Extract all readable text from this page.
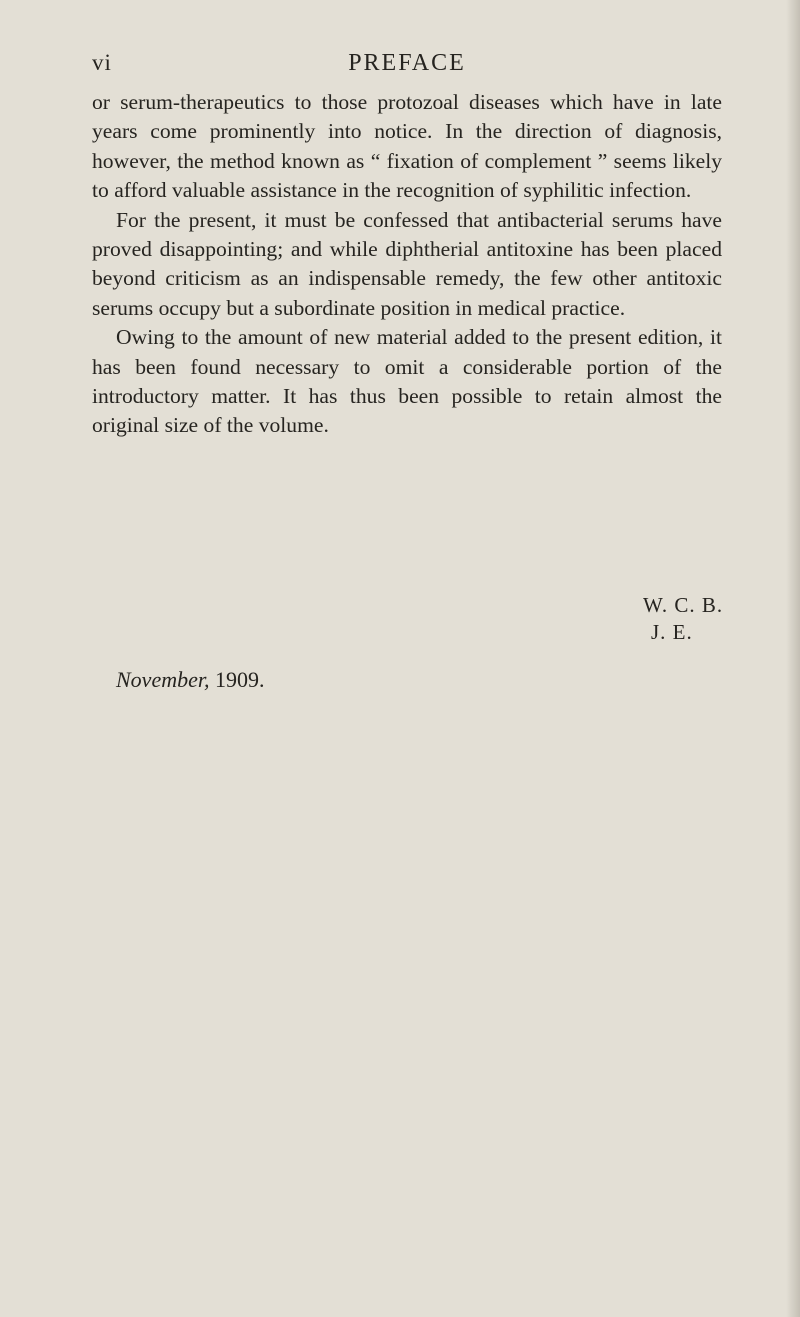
vi	PREFACE

or serum-therapeutics to those protozoal diseases which have in late years come prominently into notice. In the direction of diagnosis, however, the method known as “ fixation of complement ” seems likely to afford valuable assistance in the recognition of syphilitic infection.

For the present, it must be confessed that antibacterial serums have proved disappointing; and while diphtherial antitoxine has been placed beyond criticism as an indispensable remedy, the few other antitoxic serums occupy but a subordinate position in medical practice.

Owing to the amount of new material added to the present edition, it has been found necessary to omit a considerable portion of the introductory matter. It has thus been possible to retain almost the original size of the volume.

W. C. B.
J. E.
November, 1909.
